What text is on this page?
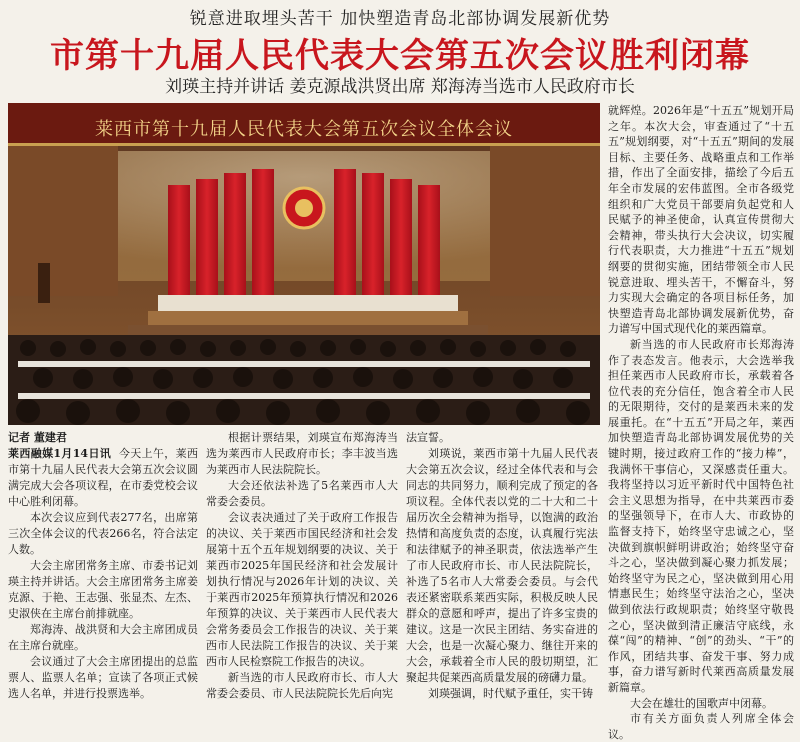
锐意进取埋头苦干 加快塑造青岛北部协调发展新优势
市第十九届人民代表大会第五次会议胜利闭幕
刘瑛主持并讲话 姜克源战洪贤出席 郑海涛当选市人民政府市长
莱西市第十九届人民代表大会第五次会议全体会议

记者 董建君

莱西融媒1月14日讯 今天上午，莱西市第十九届人民代表大会第五次会议圆满完成大会各项议程，在市委党校会议中心胜利闭幕。

本次会议应到代表277名，出席第三次全体会议的代表266名，符合法定人数。

大会主席团常务主席、市委书记刘瑛主持并讲话。大会主席团常务主席姜克源、于艳、王志强、张显杰、左杰、史淑侠在主席台前排就座。

郑海涛、战洪贤和大会主席团成员在主席台就座。

会议通过了大会主席团提出的总监票人、监票人名单；宣读了各项正式候选人名单，并进行投票选举。

根据计票结果，刘瑛宣布郑海涛当选为莱西市人民政府市长；李丰波当选为莱西市人民法院院长。

大会还依法补选了5名莱西市人大常委会委员。

会议表决通过了关于政府工作报告的决议、关于莱西市国民经济和社会发展第十五个五年规划纲要的决议、关于莱西市2025年国民经济和社会发展计划执行情况与2026年计划的决议、关于莱西市2025年预算执行情况和2026年预算的决议、关于莱西市人民代表大会常务委员会工作报告的决议、关于莱西市人民法院工作报告的决议、关于莱西市人民检察院工作报告的决议。

新当选的市人民政府市长、市人大常委会委员、市人民法院院长先后向宪

法宣誓。

刘瑛说，莱西市第十九届人民代表大会第五次会议，经过全体代表和与会同志的共同努力，顺利完成了预定的各项议程。全体代表以党的二十大和二十届历次全会精神为指导，以饱满的政治热情和高度负责的态度，认真履行宪法和法律赋予的神圣职责，依法选举产生了市人民政府市长、市人民法院院长，补选了5名市人大常委会委员。与会代表还紧密联系莱西实际，积极反映人民群众的意愿和呼声，提出了许多宝贵的建议。这是一次民主团结、务实奋进的大会，也是一次凝心聚力、继往开来的大会，承载着全市人民的殷切期望，汇聚起共促莱西高质量发展的磅礴力量。

刘瑛强调，时代赋予重任，实干铸

就辉煌。2026年是“十五五”规划开局之年。本次大会，审查通过了“十五五”规划纲要，对“十五五”期间的发展目标、主要任务、战略重点和工作举措，作出了全面安排，描绘了今后五年全市发展的宏伟蓝图。全市各级党组织和广大党员干部要肩负起党和人民赋予的神圣使命，认真宣传贯彻大会精神，带头执行大会决议，切实履行代表职责，大力推进“十五五”规划纲要的贯彻实施，团结带领全市人民锐意进取、埋头苦干，不懈奋斗，努力实现大会确定的各项目标任务，加快塑造青岛北部协调发展新优势，奋力谱写中国式现代化的莱西篇章。

新当选的市人民政府市长郑海涛作了表态发言。他表示，大会选举我担任莱西市人民政府市长，承载着各位代表的充分信任，饱含着全市人民的无限期待，交付的是莱西未来的发展重托。在“十五五”开局之年，莱西加快塑造青岛北部协调发展优势的关键时期，接过政府工作的“接力棒”，我满怀干事信心，又深感责任重大。我将坚持以习近平新时代中国特色社会主义思想为指导，在中共莱西市委的坚强领导下，在市人大、市政协的监督支持下，始终坚守忠诚之心，坚决做到旗帜鲜明讲政治；始终坚守奋斗之心，坚决做到凝心聚力抓发展；始终坚守为民之心，坚决做到用心用情惠民生；始终坚守法治之心，坚决做到依法行政规职责；始终坚守敬畏之心，坚决做到清正廉洁守底线，永葆“闯”的精神、“创”的劲头、“干”的作风，团结共事、奋发干事、努力成事，奋力谱写新时代莱西高质量发展新篇章。

大会在雄壮的国歌声中闭幕。

市有关方面负责人列席全体会议。
